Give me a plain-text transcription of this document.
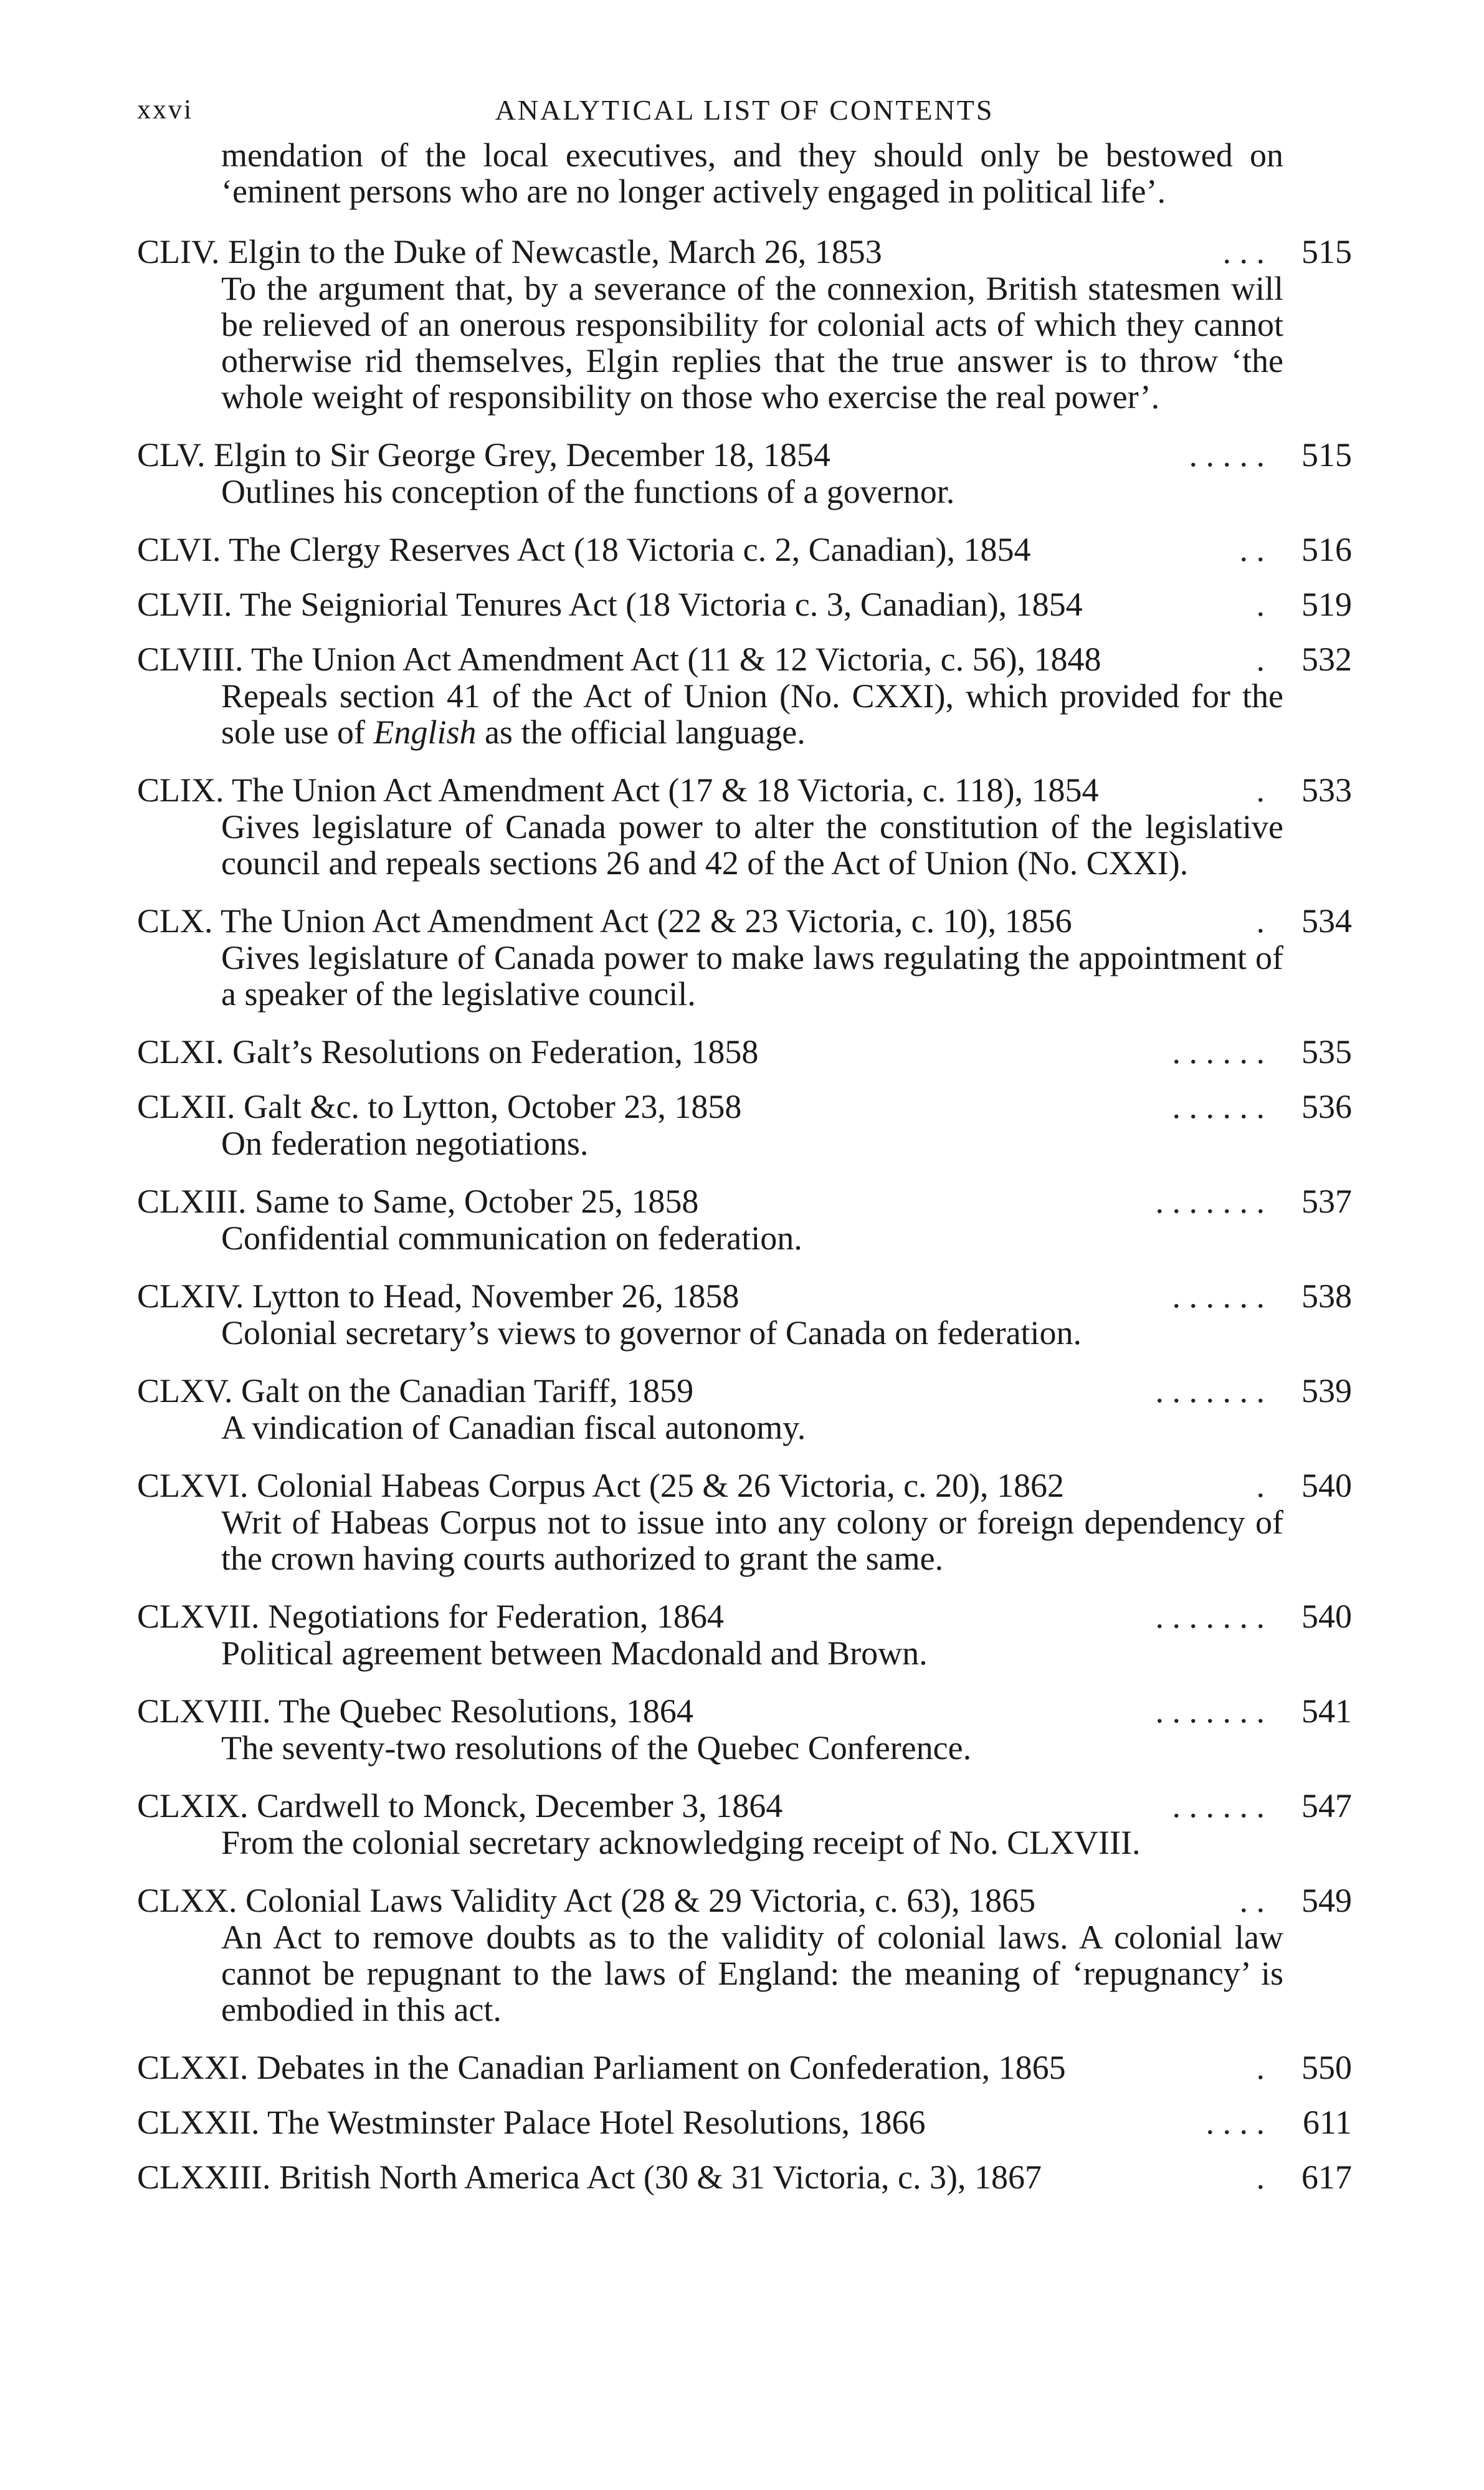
xxvi	ANALYTICAL LIST OF CONTENTS
mendation of the local executives, and they should only be bestowed on ‘eminent persons who are no longer actively engaged in political life’.
CLIV. Elgin to the Duke of Newcastle, March 26, 1853	. . .	515
To the argument that, by a severance of the connexion, British statesmen will be relieved of an onerous responsibility for colonial acts of which they cannot otherwise rid themselves, Elgin replies that the true answer is to throw ‘the whole weight of responsibility on those who exercise the real power’.
CLV. Elgin to Sir George Grey, December 18, 1854	. . . . .	515
Outlines his conception of the functions of a governor.
CLVI. The Clergy Reserves Act (18 Victoria c. 2, Canadian), 1854	. .	516
CLVII. The Seigniorial Tenures Act (18 Victoria c. 3, Canadian), 1854	.	519
CLVIII. The Union Act Amendment Act (11 & 12 Victoria, c. 56), 1848	.	532
Repeals section 41 of the Act of Union (No. CXXI), which provided for the sole use of English as the official language.
CLIX. The Union Act Amendment Act (17 & 18 Victoria, c. 118), 1854	.	533
Gives legislature of Canada power to alter the constitution of the legislative council and repeals sections 26 and 42 of the Act of Union (No. CXXI).
CLX. The Union Act Amendment Act (22 & 23 Victoria, c. 10), 1856	.	534
Gives legislature of Canada power to make laws regulating the appointment of a speaker of the legislative council.
CLXI. Galt’s Resolutions on Federation, 1858	. . . . . .	535
CLXII. Galt &c. to Lytton, October 23, 1858	. . . . . .	536
On federation negotiations.
CLXIII. Same to Same, October 25, 1858	. . . . . . .	537
Confidential communication on federation.
CLXIV. Lytton to Head, November 26, 1858	. . . . . .	538
Colonial secretary’s views to governor of Canada on federation.
CLXV. Galt on the Canadian Tariff, 1859	. . . . . . .	539
A vindication of Canadian fiscal autonomy.
CLXVI. Colonial Habeas Corpus Act (25 & 26 Victoria, c. 20), 1862	.	540
Writ of Habeas Corpus not to issue into any colony or foreign dependency of the crown having courts authorized to grant the same.
CLXVII. Negotiations for Federation, 1864	. . . . . . .	540
Political agreement between Macdonald and Brown.
CLXVIII. The Quebec Resolutions, 1864	. . . . . . .	541
The seventy-two resolutions of the Quebec Conference.
CLXIX. Cardwell to Monck, December 3, 1864	. . . . . .	547
From the colonial secretary acknowledging receipt of No. CLXVIII.
CLXX. Colonial Laws Validity Act (28 & 29 Victoria, c. 63), 1865	. .	549
An Act to remove doubts as to the validity of colonial laws. A colonial law cannot be repugnant to the laws of England: the meaning of ‘repugnancy’ is embodied in this act.
CLXXI. Debates in the Canadian Parliament on Confederation, 1865	.	550
CLXXII. The Westminster Palace Hotel Resolutions, 1866	. . . .	611
CLXXIII. British North America Act (30 & 31 Victoria, c. 3), 1867	.	617
